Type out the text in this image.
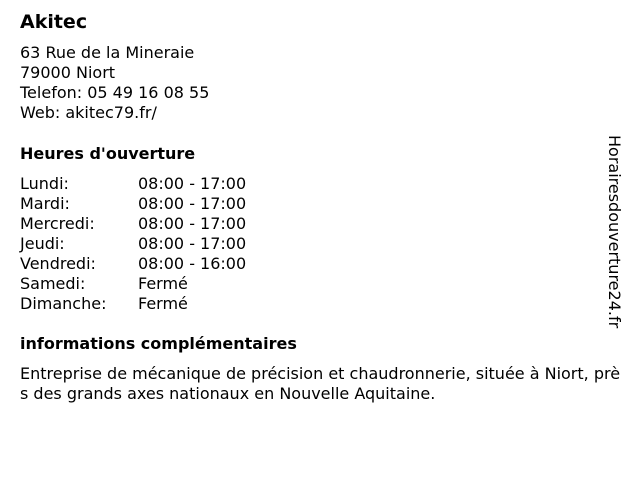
Akitec
63 Rue de la Mineraie
79000 Niort
Telefon: 05 49 16 08 55
Web: akitec79.fr/
Heures d'ouverture
Lundi:	08:00 - 17:00
Mardi:	08:00 - 17:00
Mercredi:	08:00 - 17:00
Jeudi:	08:00 - 17:00
Vendredi:	08:00 - 16:00
Samedi:	Fermé
Dimanche: Fermé
informations complémentaires

Entreprise de mécanique de précision et chaudronnerie, située à Niort, près des grands axes nationaux en Nouvelle Aquitaine.

Horairesdouverture24.fr
